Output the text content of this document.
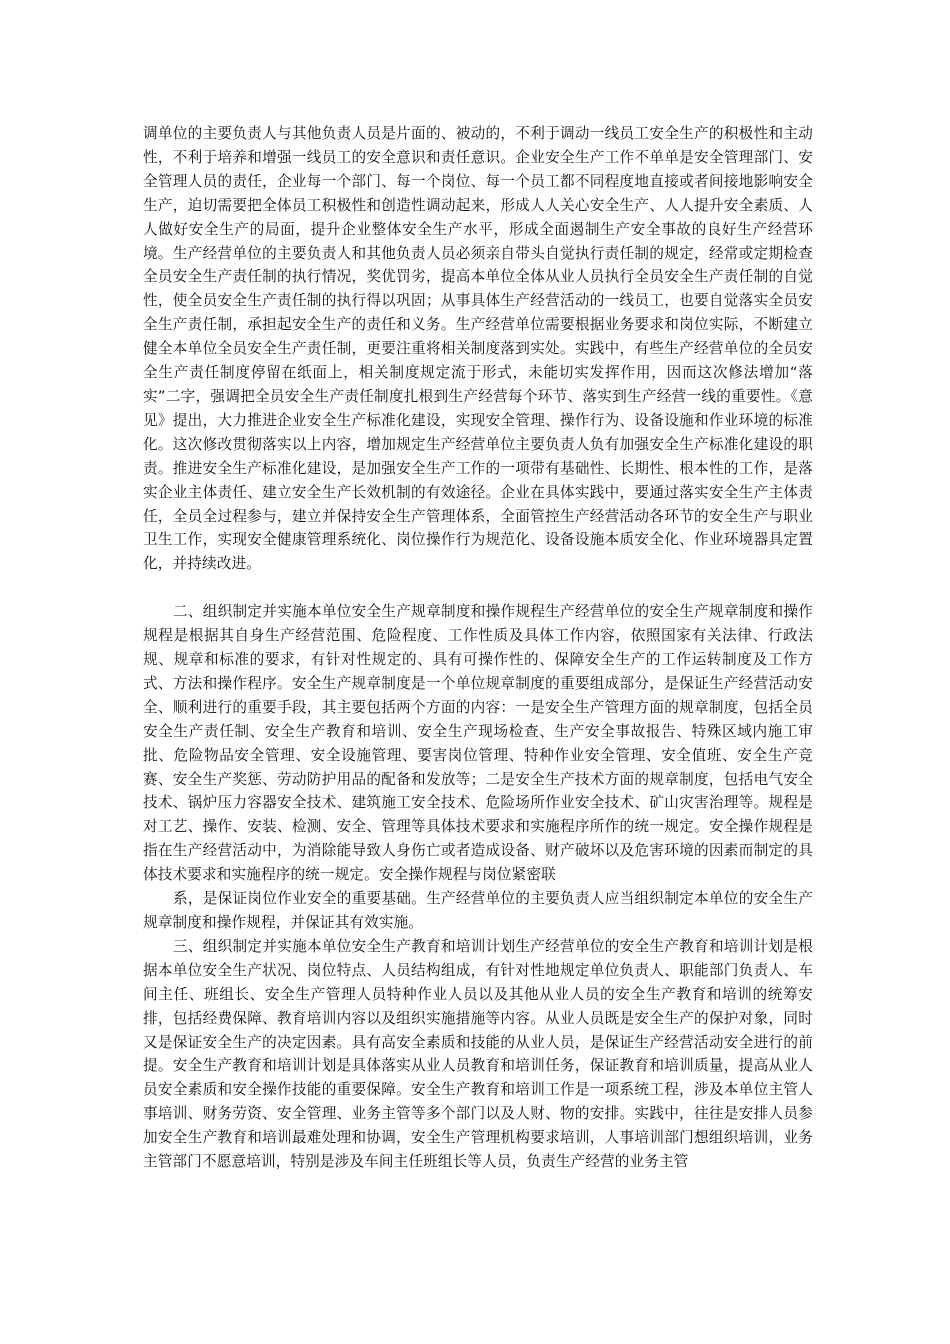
调单位的主要负责人与其他负责人员是片面的、被动的，不利于调动一线员工安全生产的积极性和主动性，不利于培养和增强一线员工的安全意识和责任意识。企业安全生产工作不单单是安全管理部门、安全管理人员的责任，企业每一个部门、每一个岗位、每一个员工都不同程度地直接或者间接地影响安全生产，迫切需要把全体员工积极性和创造性调动起来，形成人人关心安全生产、人人提升安全素质、人人做好安全生产的局面，提升企业整体安全生产水平，形成全面遏制生产安全事故的良好生产经营环境。生产经营单位的主要负责人和其他负责人员必须亲自带头自觉执行责任制的规定，经常或定期检查全员安全生产责任制的执行情况，奖优罚劣，提高本单位全体从业人员执行全员安全生产责任制的自觉性，使全员安全生产责任制的执行得以巩固；从事具体生产经营活动的一线员工，也要自觉落实全员安全生产责任制，承担起安全生产的责任和义务。生产经营单位需要根据业务要求和岗位实际，不断建立健全本单位全员安全生产责任制，更要注重将相关制度落到实处。实践中，有些生产经营单位的全员安全生产责任制度停留在纸面上，相关制度规定流于形式，未能切实发挥作用，因而这次修法增加“落实”二字，强调把全员安全生产责任制度扎根到生产经营每个环节、落实到生产经营一线的重要性。《意见》提出，大力推进企业安全生产标准化建设，实现安全管理、操作行为、设备设施和作业环境的标准化。这次修改贯彻落实以上内容，增加规定生产经营单位主要负责人负有加强安全生产标准化建设的职责。推进安全生产标准化建设，是加强安全生产工作的一项带有基础性、长期性、根本性的工作，是落实企业主体责任、建立安全生产长效机制的有效途径。企业在具体实践中，要通过落实安全生产主体责任，全员全过程参与，建立并保持安全生产管理体系，全面管控生产经营活动各环节的安全生产与职业卫生工作，实现安全健康管理系统化、岗位操作行为规范化、设备设施本质安全化、作业环境器具定置化，并持续改进。

二、组织制定并实施本单位安全生产规章制度和操作规程生产经营单位的安全生产规章制度和操作规程是根据其自身生产经营范围、危险程度、工作性质及具体工作内容，依照国家有关法律、行政法规、规章和标准的要求，有针对性规定的、具有可操作性的、保障安全生产的工作运转制度及工作方式、方法和操作程序。安全生产规章制度是一个单位规章制度的重要组成部分，是保证生产经营活动安全、顺利进行的重要手段，其主要包括两个方面的内容：一是安全生产管理方面的规章制度，包括全员安全生产责任制、安全生产教育和培训、安全生产现场检查、生产安全事故报告、特殊区域内施工审批、危险物品安全管理、安全设施管理、要害岗位管理、特种作业安全管理、安全值班、安全生产竞赛、安全生产奖惩、劳动防护用品的配备和发放等；二是安全生产技术方面的规章制度，包括电气安全技术、锅炉压力容器安全技术、建筑施工安全技术、危险场所作业安全技术、矿山灾害治理等。规程是对工艺、操作、安装、检测、安全、管理等具体技术要求和实施程序所作的统一规定。安全操作规程是指在生产经营活动中，为消除能导致人身伤亡或者造成设备、财产破坏以及危害环境的因素而制定的具体技术要求和实施程序的统一规定。安全操作规程与岗位紧密联

系，是保证岗位作业安全的重要基础。生产经营单位的主要负责人应当组织制定本单位的安全生产规章制度和操作规程，并保证其有效实施。

三、组织制定并实施本单位安全生产教育和培训计划生产经营单位的安全生产教育和培训计划是根据本单位安全生产状况、岗位特点、人员结构组成，有针对性地规定单位负责人、职能部门负责人、车间主任、班组长、安全生产管理人员特种作业人员以及其他从业人员的安全生产教育和培训的统筹安排，包括经费保障、教育培训内容以及组织实施措施等内容。从业人员既是安全生产的保护对象，同时又是保证安全生产的决定因素。具有高安全素质和技能的从业人员，是保证生产经营活动安全进行的前提。安全生产教育和培训计划是具体落实从业人员教育和培训任务，保证教育和培训质量，提高从业人员安全素质和安全操作技能的重要保障。安全生产教育和培训工作是一项系统工程，涉及本单位主管人事培训、财务劳资、安全管理、业务主管等多个部门以及人财、物的安排。实践中，往往是安排人员参加安全生产教育和培训最难处理和协调，安全生产管理机构要求培训，人事培训部门想组织培训，业务主管部门不愿意培训，特别是涉及车间主任班组长等人员，负责生产经营的业务主管
